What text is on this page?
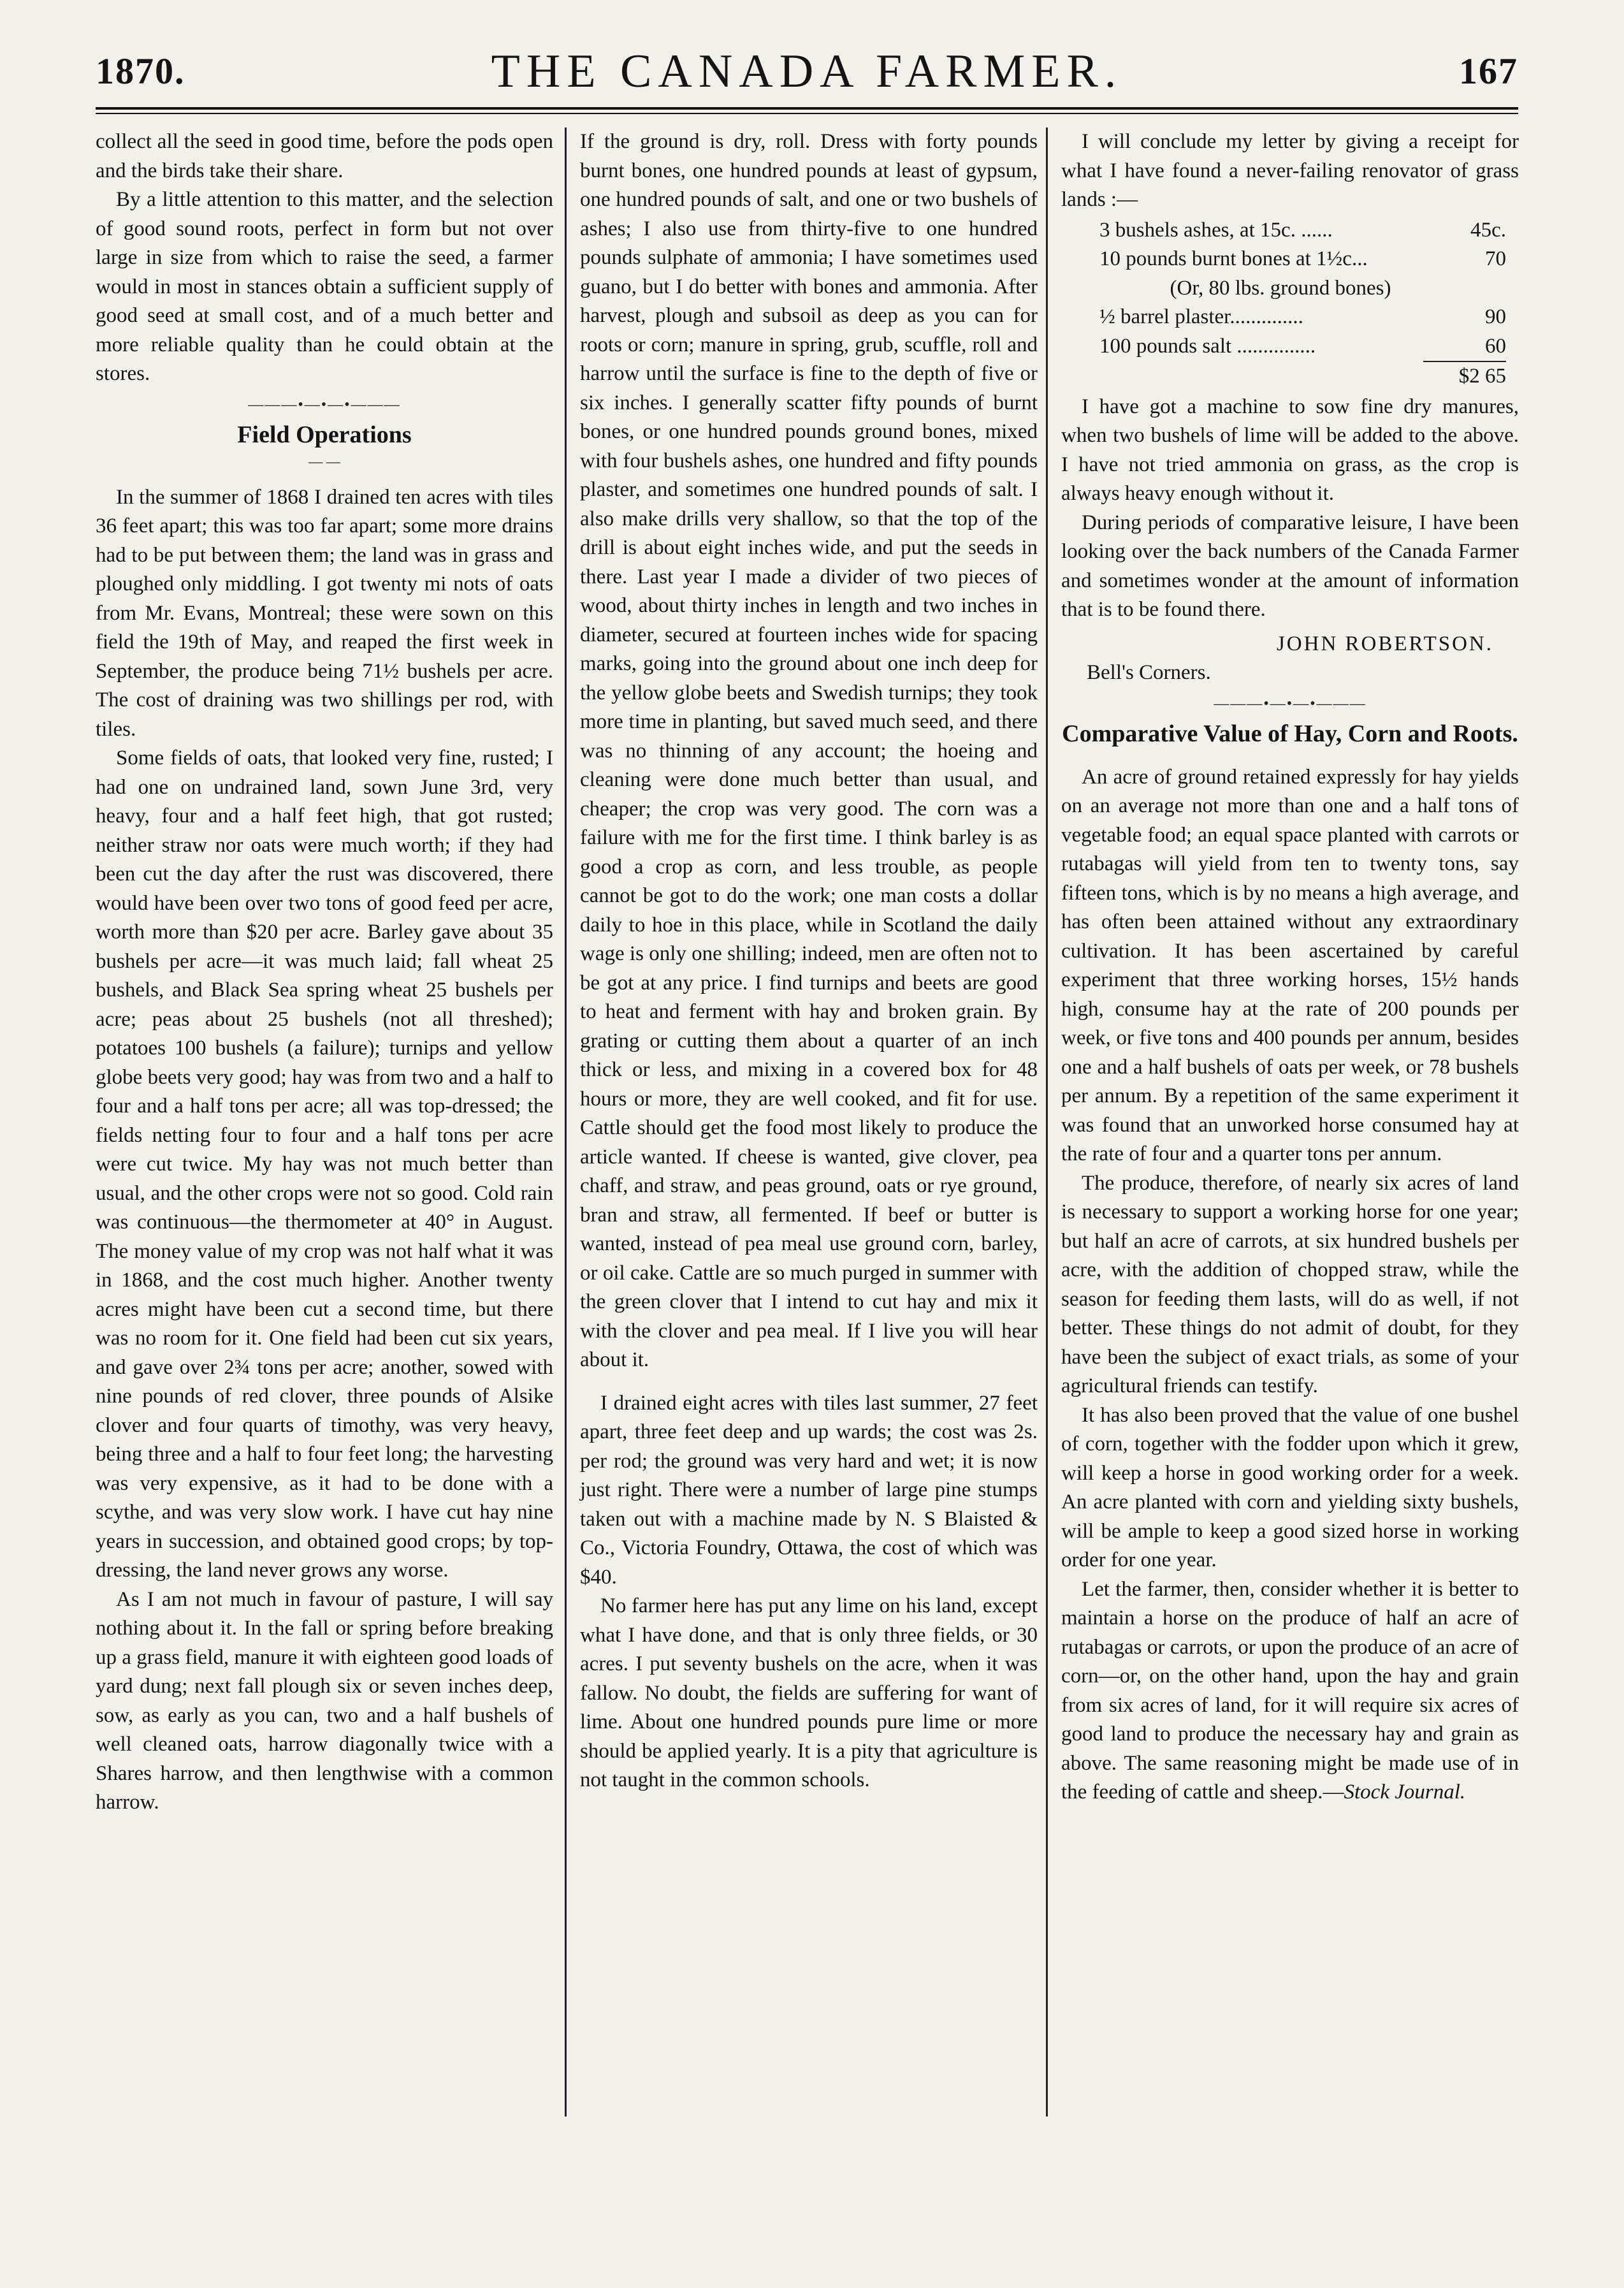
1870.	THE CANADA FARMER.	167

collect all the seed in good time, before the pods open and the birds take their share.

By a little attention to this matter, and the selection of good sound roots, perfect in form but not over large in size from which to raise the seed, a farmer would in most in stances obtain a sufficient supply of good seed at small cost, and of a much better and more reliable quality than he could obtain at the stores.

———•—•—•———
Field Operations
— —

In the summer of 1868 I drained ten acres with tiles 36 feet apart; this was too far apart; some more drains had to be put between them; the land was in grass and ploughed only middling. I got twenty mi nots of oats from Mr. Evans, Montreal; these were sown on this field the 19th of May, and reaped the first week in September, the produce being 71½ bushels per acre. The cost of draining was two shillings per rod, with tiles.

Some fields of oats, that looked very fine, rusted; I had one on undrained land, sown June 3rd, very heavy, four and a half feet high, that got rusted; neither straw nor oats were much worth; if they had been cut the day after the rust was discovered, there would have been over two tons of good feed per acre, worth more than $20 per acre. Barley gave about 35 bushels per acre—it was much laid; fall wheat 25 bushels, and Black Sea spring wheat 25 bushels per acre; peas about 25 bushels (not all threshed); potatoes 100 bushels (a failure); turnips and yellow globe beets very good; hay was from two and a half to four and a half tons per acre; all was top-dressed; the fields netting four to four and a half tons per acre were cut twice. My hay was not much better than usual, and the other crops were not so good. Cold rain was continuous—the thermometer at 40° in August. The money value of my crop was not half what it was in 1868, and the cost much higher. Another twenty acres might have been cut a second time, but there was no room for it. One field had been cut six years, and gave over 2¾ tons per acre; another, sowed with nine pounds of red clover, three pounds of Alsike clover and four quarts of timothy, was very heavy, being three and a half to four feet long; the harvesting was very expensive, as it had to be done with a scythe, and was very slow work. I have cut hay nine years in succession, and obtained good crops; by top-dressing, the land never grows any worse.

As I am not much in favour of pasture, I will say nothing about it. In the fall or spring before breaking up a grass field, manure it with eighteen good loads of yard dung; next fall plough six or seven inches deep, sow, as early as you can, two and a half bushels of well cleaned oats, harrow diagonally twice with a Shares harrow, and then lengthwise with a common harrow.

If the ground is dry, roll. Dress with forty pounds burnt bones, one hundred pounds at least of gypsum, one hundred pounds of salt, and one or two bushels of ashes; I also use from thirty-five to one hundred pounds sulphate of ammonia; I have sometimes used guano, but I do better with bones and ammonia. After harvest, plough and subsoil as deep as you can for roots or corn; manure in spring, grub, scuffle, roll and harrow until the surface is fine to the depth of five or six inches. I generally scatter fifty pounds of burnt bones, or one hundred pounds ground bones, mixed with four bushels ashes, one hundred and fifty pounds plaster, and sometimes one hundred pounds of salt. I also make drills very shallow, so that the top of the drill is about eight inches wide, and put the seeds in there. Last year I made a divider of two pieces of wood, about thirty inches in length and two inches in diameter, secured at fourteen inches wide for spacing marks, going into the ground about one inch deep for the yellow globe beets and Swedish turnips; they took more time in planting, but saved much seed, and there was no thinning of any account; the hoeing and cleaning were done much better than usual, and cheaper; the crop was very good. The corn was a failure with me for the first time. I think barley is as good a crop as corn, and less trouble, as people cannot be got to do the work; one man costs a dollar daily to hoe in this place, while in Scotland the daily wage is only one shilling; indeed, men are often not to be got at any price. I find turnips and beets are good to heat and ferment with hay and broken grain. By grating or cutting them about a quarter of an inch thick or less, and mixing in a covered box for 48 hours or more, they are well cooked, and fit for use. Cattle should get the food most likely to produce the article wanted. If cheese is wanted, give clover, pea chaff, and straw, and peas ground, oats or rye ground, bran and straw, all fermented. If beef or butter is wanted, instead of pea meal use ground corn, barley, or oil cake. Cattle are so much purged in summer with the green clover that I intend to cut hay and mix it with the clover and pea meal. If I live you will hear about it.

I drained eight acres with tiles last summer, 27 feet apart, three feet deep and up wards; the cost was 2s. per rod; the ground was very hard and wet; it is now just right. There were a number of large pine stumps taken out with a machine made by N. S Blaisted & Co., Victoria Foundry, Ottawa, the cost of which was $40.

No farmer here has put any lime on his land, except what I have done, and that is only three fields, or 30 acres. I put seventy bushels on the acre, when it was fallow. No doubt, the fields are suffering for want of lime. About one hundred pounds pure lime or more should be applied yearly. It is a pity that agriculture is not taught in the common schools.

I will conclude my letter by giving a receipt for what I have found a never-failing renovator of grass lands :—

3 bushels ashes, at 15c. ......	45c.
10 pounds burnt bones at 1½c...	70
(Or, 80 lbs. ground bones)
½ barrel plaster..............	90
100 pounds salt ...............	60
$2 65

I have got a machine to sow fine dry manures, when two bushels of lime will be added to the above. I have not tried ammonia on grass, as the crop is always heavy enough without it.

During periods of comparative leisure, I have been looking over the back numbers of the Canada Farmer and sometimes wonder at the amount of information that is to be found there.

JOHN ROBERTSON.
Bell's Corners.
———•—•—•———
Comparative Value of Hay, Corn and Roots.

An acre of ground retained expressly for hay yields on an average not more than one and a half tons of vegetable food; an equal space planted with carrots or rutabagas will yield from ten to twenty tons, say fifteen tons, which is by no means a high average, and has often been attained without any extraordinary cultivation. It has been ascertained by careful experiment that three working horses, 15½ hands high, consume hay at the rate of 200 pounds per week, or five tons and 400 pounds per annum, besides one and a half bushels of oats per week, or 78 bushels per annum. By a repetition of the same experiment it was found that an unworked horse consumed hay at the rate of four and a quarter tons per annum.

The produce, therefore, of nearly six acres of land is necessary to support a working horse for one year; but half an acre of carrots, at six hundred bushels per acre, with the addition of chopped straw, while the season for feeding them lasts, will do as well, if not better. These things do not admit of doubt, for they have been the subject of exact trials, as some of your agricultural friends can testify.

It has also been proved that the value of one bushel of corn, together with the fodder upon which it grew, will keep a horse in good working order for a week. An acre planted with corn and yielding sixty bushels, will be ample to keep a good sized horse in working order for one year.

Let the farmer, then, consider whether it is better to maintain a horse on the produce of half an acre of rutabagas or carrots, or upon the produce of an acre of corn—or, on the other hand, upon the hay and grain from six acres of land, for it will require six acres of good land to produce the necessary hay and grain as above. The same reasoning might be made use of in the feeding of cattle and sheep.—Stock Journal.
